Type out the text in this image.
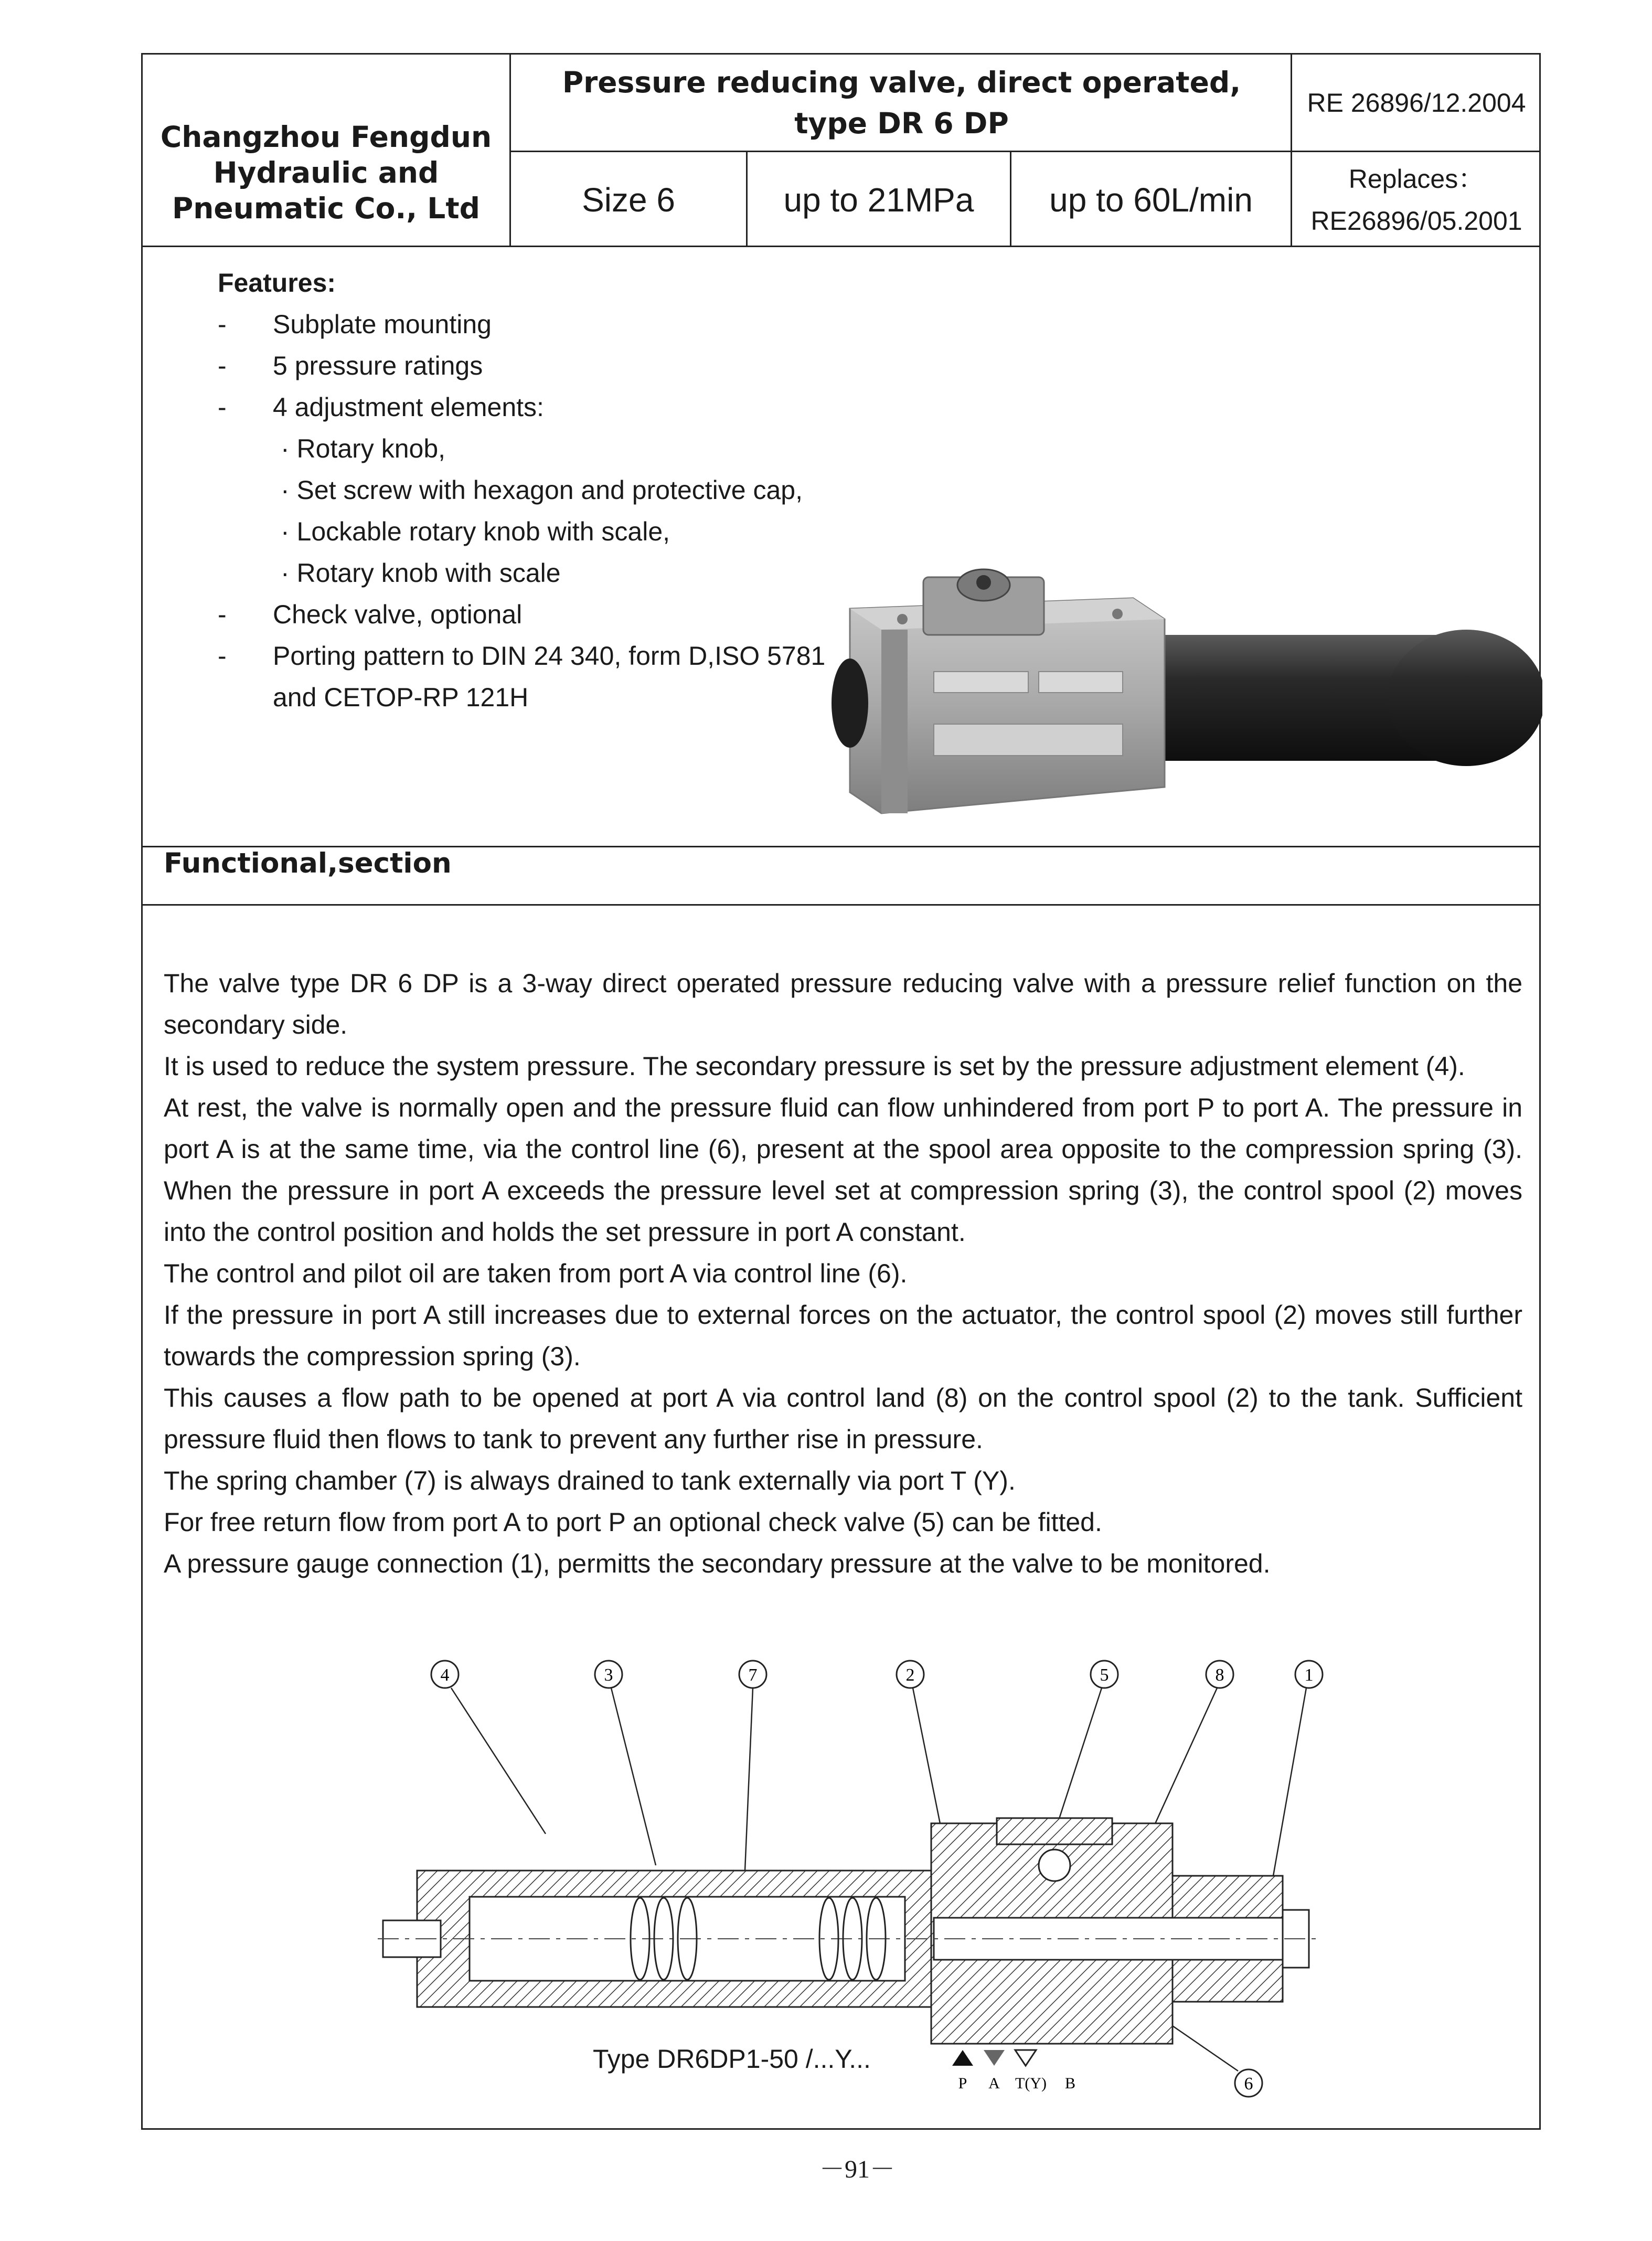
Changzhou Fengdun
Hydraulic and
Pneumatic Co., Ltd
Pressure reducing valve, direct operated,
type DR 6 DP
RE 26896/12.2004
Size 6	up to 21MPa	up to 60L/min
Replaces：
RE26896/05.2001
Features:
-	Subplate mounting
-	5 pressure ratings
-	4 adjustment elements:
· Rotary knob,
· Set screw with hexagon and protective cap,
· Lockable rotary knob with scale,
· Rotary knob with scale
-	Check valve, optional
-	Porting pattern to DIN 24 340, form D,ISO 5781
and CETOP-RP 121H
Functional,section

The valve type DR 6 DP is a 3-way direct operated pressure reducing valve with a pressure relief function on the secondary side.

It is used to reduce the system pressure. The secondary pressure is set by the pressure adjustment element (4).

At rest, the valve is normally open and the pressure fluid can flow unhindered from port P to port A. The pressure in port A is at the same time, via the control line (6), present at the spool area opposite to the compression spring (3). When the pressure in port A exceeds the pressure level set at compression spring (3), the control spool (2) moves into the control position and holds the set pressure in port A constant.

The control and pilot oil are taken from port A via control line (6).

If the pressure in port A still increases due to external forces on the actuator, the control spool (2) moves still further towards the compression spring (3).

This causes a flow path to be opened at port A via control land (8) on the control spool (2) to the tank. Sufficient pressure fluid then flows to tank to prevent any further rise in pressure.

The spring chamber (7) is always drained to tank externally via port T (Y).

For free return flow from port A to port P an optional check valve (5) can be fitted.

A pressure gauge connection (1), permitts the secondary pressure at the valve to be monitored.

4	3	7	2	5	8	1
6
P A T(Y) B
Type DR6DP1-50 /...Y...
－91－
